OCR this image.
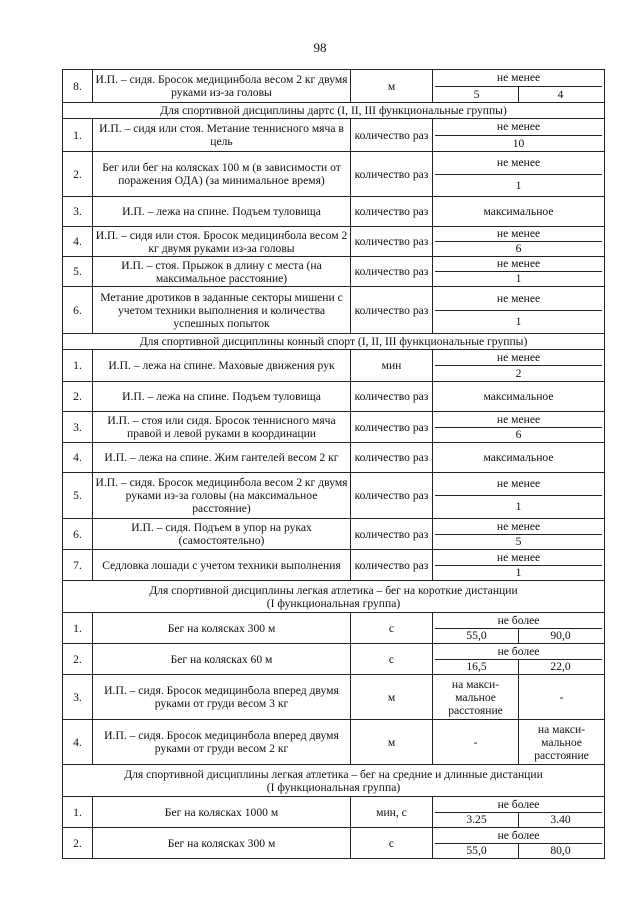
98
8.	И.П. – сидя. Бросок медицинбола весом 2 кг двумя руками из-за головы	м	не менее
5 4	

Для спортивной дисциплины дартс (I, II, III функциональные группы)				

1.	И.П. – сидя или стоя. Метание теннисного мяча в цель	количество раз	не менее
10	

2.	Бег или бег на колясках 100 м (в зависимости от поражения ОДА) (за минимальное время)	количество раз	не менее
1	

3.	И.П. – лежа на спине. Подъем туловища	количество раз	максимальное	
4.	И.П. – сидя или стоя. Бросок медицинбола весом 2 кг двумя руками из-за головы	количество раз	не менее
6	

5.	И.П. – стоя. Прыжок в длину с места (на максимальное расстояние)	количество раз	не менее
1	

6.	Метание дротиков в заданные секторы мишени с учетом техники выполнения и количества успешных попыток	количество раз	не менее
1	

Для спортивной дисциплины конный спорт (I, II, III функциональные группы)				

1.	И.П. – лежа на спине. Маховые движения рук	мин	не менее
2	

2.	И.П. – лежа на спине. Подъем туловища	количество раз	максимальное	
3.	И.П. – стоя или сидя. Бросок теннисного мяча правой и левой руками в координации	количество раз	не менее
6	

4.	И.П. – лежа на спине. Жим гантелей весом 2 кг	количество раз	максимальное	
5.	И.П. – сидя. Бросок медицинбола весом 2 кг двумя руками из-за головы (на максимальное расстояние)	количество раз	не менее
1	

6.	И.П. – сидя. Подъем в упор на руках (самостоятельно)	количество раз	не менее
5	

7.	Седловка лошади с учетом техники выполнения	количество раз	не менее
1	

Для спортивной дисциплины легкая атлетика – бег на короткие дистанции
(I функциональная группа)				

1.	Бег на колясках 300 м	с	не более
55,0 90,0	

2.	Бег на колясках 60 м	с	не более
16,5 22,0	

3.	И.П. – сидя. Бросок медицинбола вперед двумя руками от груди весом 3 кг	м	на макси-мальное расстояние	-
4.	И.П. – сидя. Бросок медицинбола вперед двумя руками от груди весом 2 кг	м	-	на макси-мальное расстояние

Для спортивной дисциплины легкая атлетика – бег на средние и длинные дистанции
(I функциональная группа)				

1.	Бег на колясках 1000 м	мин, с	не более
3.25 3.40	

2.	Бег на колясках 300 м	с	не более
55,0 80,0	
